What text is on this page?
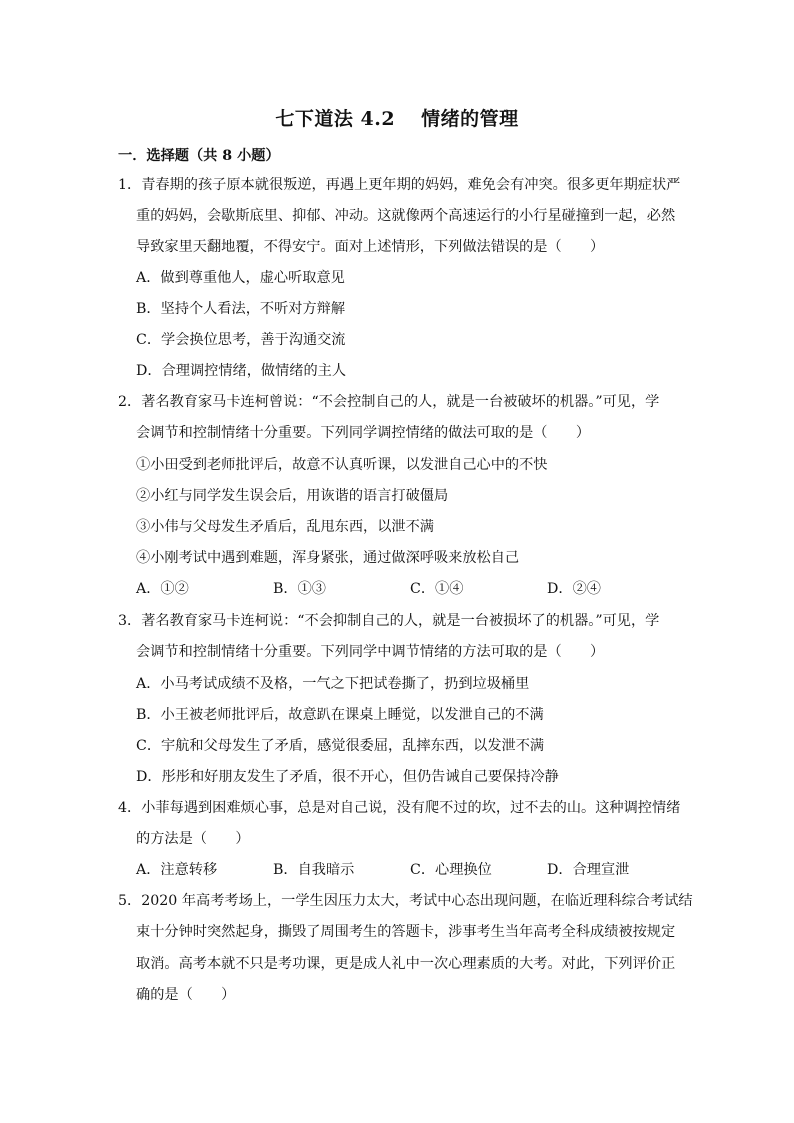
七下道法 4.2 情绪的管理
一．选择题（共 8 小题）
1．青春期的孩子原本就很叛逆，再遇上更年期的妈妈，难免会有冲突。很多更年期症状严
重的妈妈，会歇斯底里、抑郁、冲动。这就像两个高速运行的小行星碰撞到一起，必然
导致家里天翻地覆，不得安宁。面对上述情形，下列做法错误的是（　　）
A．做到尊重他人，虚心听取意见
B．坚持个人看法，不听对方辩解
C．学会换位思考，善于沟通交流
D．合理调控情绪，做情绪的主人
2．著名教育家马卡连柯曾说：“不会控制自己的人，就是一台被破坏的机器。”可见，学
会调节和控制情绪十分重要。下列同学调控情绪的做法可取的是（　　）
①小田受到老师批评后，故意不认真听课，以发泄自己心中的不快
②小红与同学发生误会后，用诙谐的语言打破僵局
③小伟与父母发生矛盾后，乱甩东西，以泄不满
④小刚考试中遇到难题，浑身紧张，通过做深呼吸来放松自己
A．①②	B．①③	C．①④	D．②④
3．著名教育家马卡连柯说：“不会抑制自己的人，就是一台被损坏了的机器。”可见，学
会调节和控制情绪十分重要。下列同学中调节情绪的方法可取的是（　　）
A．小马考试成绩不及格，一气之下把试卷撕了，扔到垃圾桶里
B．小王被老师批评后，故意趴在课桌上睡觉，以发泄自己的不满
C．宇航和父母发生了矛盾，感觉很委屈，乱摔东西，以发泄不满
D．彤彤和好朋友发生了矛盾，很不开心，但仍告诫自己要保持冷静
4．小菲每遇到困难烦心事，总是对自己说，没有爬不过的坎，过不去的山。这种调控情绪
的方法是（　　）
A．注意转移	B．自我暗示	C．心理换位	D．合理宣泄
5．2020 年高考考场上，一学生因压力太大，考试中心态出现问题，在临近理科综合考试结
束十分钟时突然起身，撕毁了周围考生的答题卡，涉事考生当年高考全科成绩被按规定
取消。高考本就不只是考功课，更是成人礼中一次心理素质的大考。对此，下列评价正
确的是（　　）
